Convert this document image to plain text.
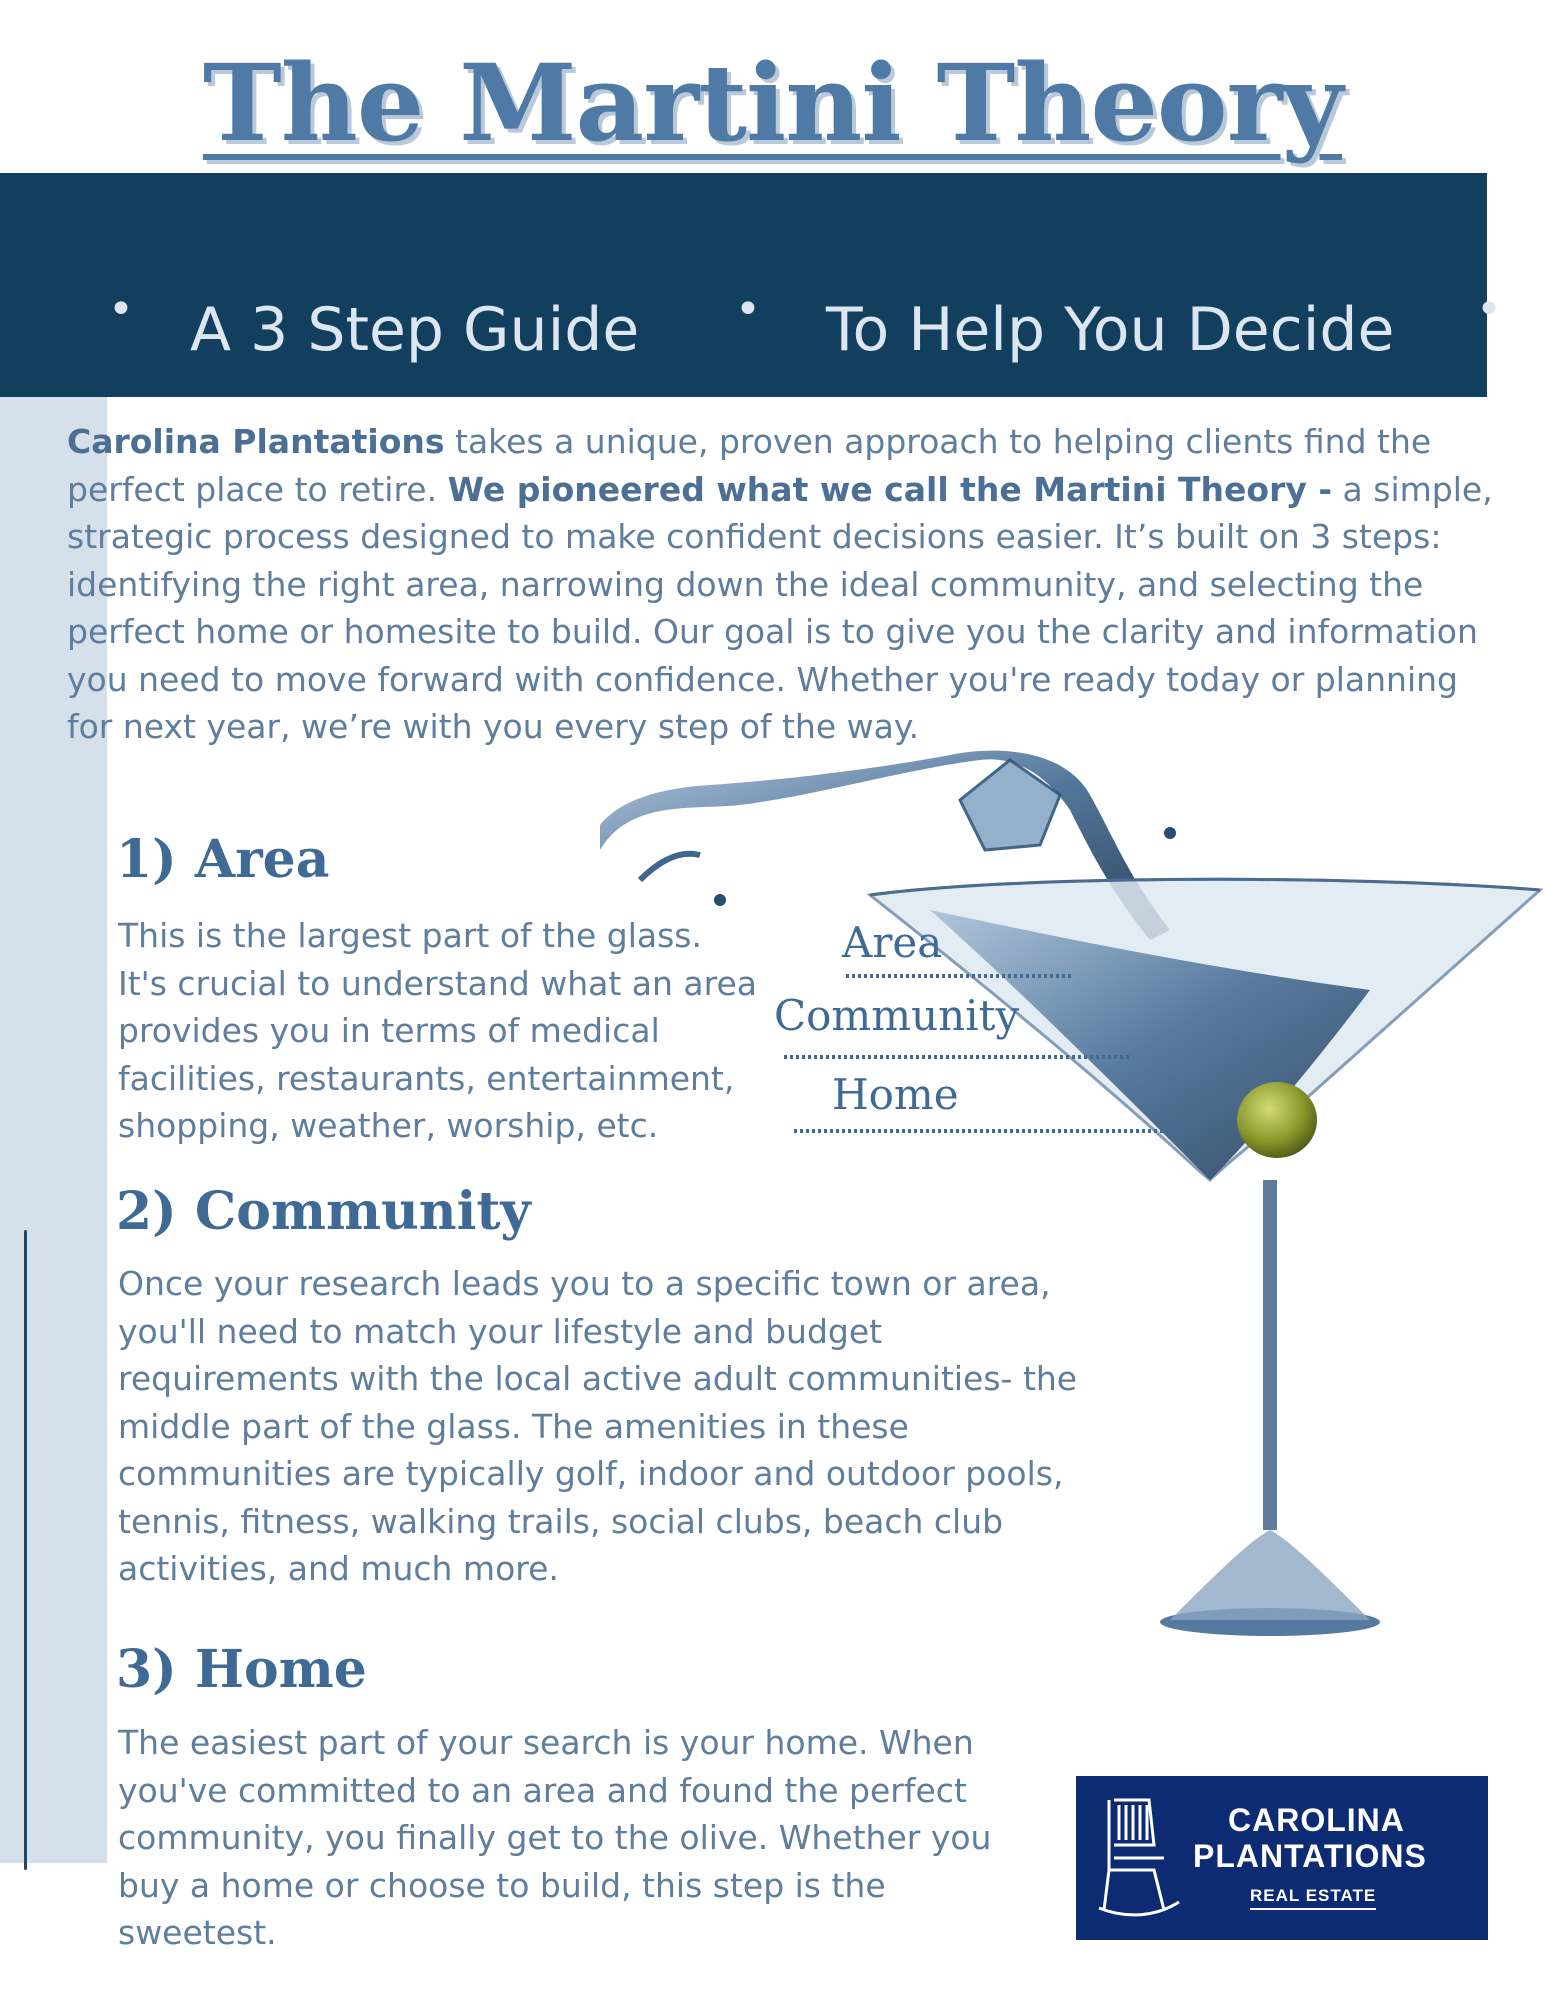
The Martini Theory
• A 3 Step Guide • To Help You Decide •

Carolina Plantations takes a unique, proven approach to helping clients find the perfect place to retire. We pioneered what we call the Martini Theory - a simple, strategic process designed to make confident decisions easier. It’s built on 3 steps: identifying the right area, narrowing down the ideal community, and selecting the perfect home or homesite to build. Our goal is to give you the clarity and information you need to move forward with confidence. Whether you're ready today or planning for next year, we’re with you every step of the way.

1) Area

This is the largest part of the glass. It's crucial to understand what an area provides you in terms of medical facilities, restaurants, entertainment, shopping, weather, worship, etc.

2) Community

Once your research leads you to a specific town or area, you'll need to match your lifestyle and budget requirements with the local active adult communities- the middle part of the glass. The amenities in these communities are typically golf, indoor and outdoor pools, tennis, fitness, walking trails, social clubs, beach club activities, and much more.

3) Home

The easiest part of your search is your home. When you've committed to an area and found the perfect community, you finally get to the olive. Whether you buy a home or choose to build, this step is the sweetest.

Area
Community
Home
CAROLINA
PLANTATIONS
REAL ESTATE
